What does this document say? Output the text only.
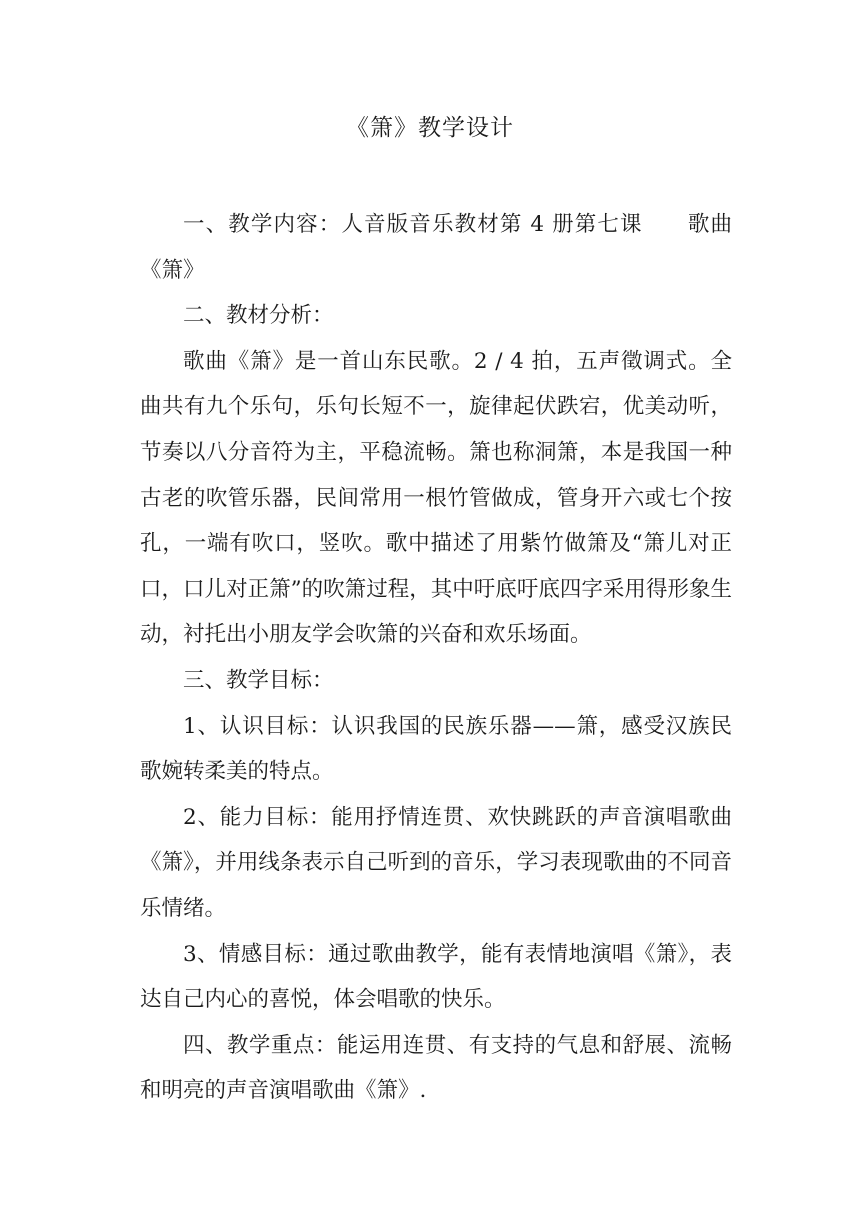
《箫》教学设计

一、教学内容：人音版音乐教材第 4 册第七课　　歌曲《箫》

二、教材分析：

歌曲《箫》是一首山东民歌。2 / 4 拍，五声徵调式。全曲共有九个乐句，乐句长短不一，旋律起伏跌宕，优美动听，节奏以八分音符为主，平稳流畅。箫也称洞箫，本是我国一种古老的吹管乐器，民间常用一根竹管做成，管身开六或七个按孔，一端有吹口，竖吹。歌中描述了用紫竹做箫及“箫儿对正口，口儿对正箫”的吹箫过程，其中吁底吁底四字采用得形象生动，衬托出小朋友学会吹箫的兴奋和欢乐场面。

三、教学目标：

1、认识目标：认识我国的民族乐器——箫，感受汉族民歌婉转柔美的特点。

2、能力目标：能用抒情连贯、欢快跳跃的声音演唱歌曲《箫》，并用线条表示自己听到的音乐，学习表现歌曲的不同音乐情绪。

3、情感目标：通过歌曲教学，能有表情地演唱《箫》，表达自己内心的喜悦，体会唱歌的快乐。

四、教学重点：能运用连贯、有支持的气息和舒展、流畅和明亮的声音演唱歌曲《箫》.
